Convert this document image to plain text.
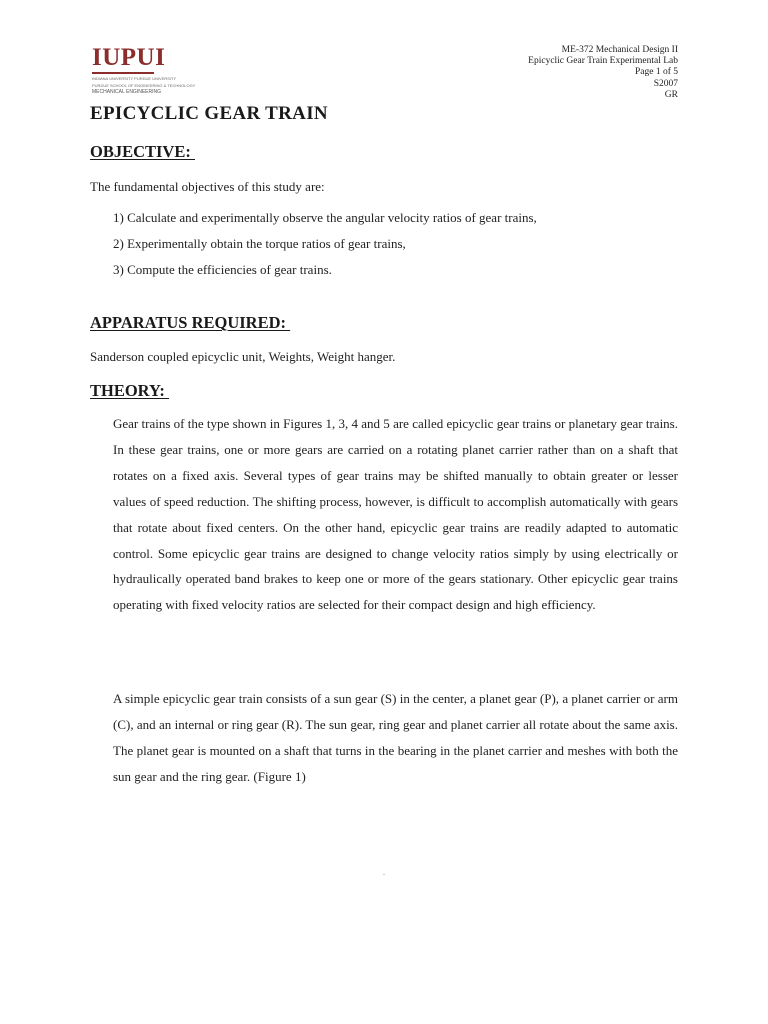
IUPUI
INDIANA UNIVERSITY PURDUE UNIVERSITY
PURDUE SCHOOL OF ENGINEERING & TECHNOLOGY
MECHANICAL ENGINEERING
ME-372 Mechanical Design II
Epicyclic Gear Train Experimental Lab
Page 1 of 5
S2007
GR
EPICYCLIC GEAR TRAIN
OBJECTIVE:
The fundamental objectives of this study are:
1) Calculate and experimentally observe the angular velocity ratios of gear trains,
2) Experimentally obtain the torque ratios of gear trains,
3) Compute the efficiencies of gear trains.
APPARATUS REQUIRED:
Sanderson coupled epicyclic unit, Weights, Weight hanger.
THEORY:

Gear trains of the type shown in Figures 1, 3, 4 and 5 are called epicyclic gear trains or planetary gear trains. In these gear trains, one or more gears are carried on a rotating planet carrier rather than on a shaft that rotates on a fixed axis. Several types of gear trains may be shifted manually to obtain greater or lesser values of speed reduction. The shifting process, however, is difficult to accomplish automatically with gears that rotate about fixed centers. On the other hand, epicyclic gear trains are readily adapted to automatic control. Some epicyclic gear trains are designed to change velocity ratios simply by using electrically or hydraulically operated band brakes to keep one or more of the gears stationary. Other epicyclic gear trains operating with fixed velocity ratios are selected for their compact design and high efficiency.

A simple epicyclic gear train consists of a sun gear (S) in the center, a planet gear (P), a planet carrier or arm (C), and an internal or ring gear (R). The sun gear, ring gear and planet carrier all rotate about the same axis. The planet gear is mounted on a shaft that turns in the bearing in the planet carrier and meshes with both the sun gear and the ring gear. (Figure 1)

.
